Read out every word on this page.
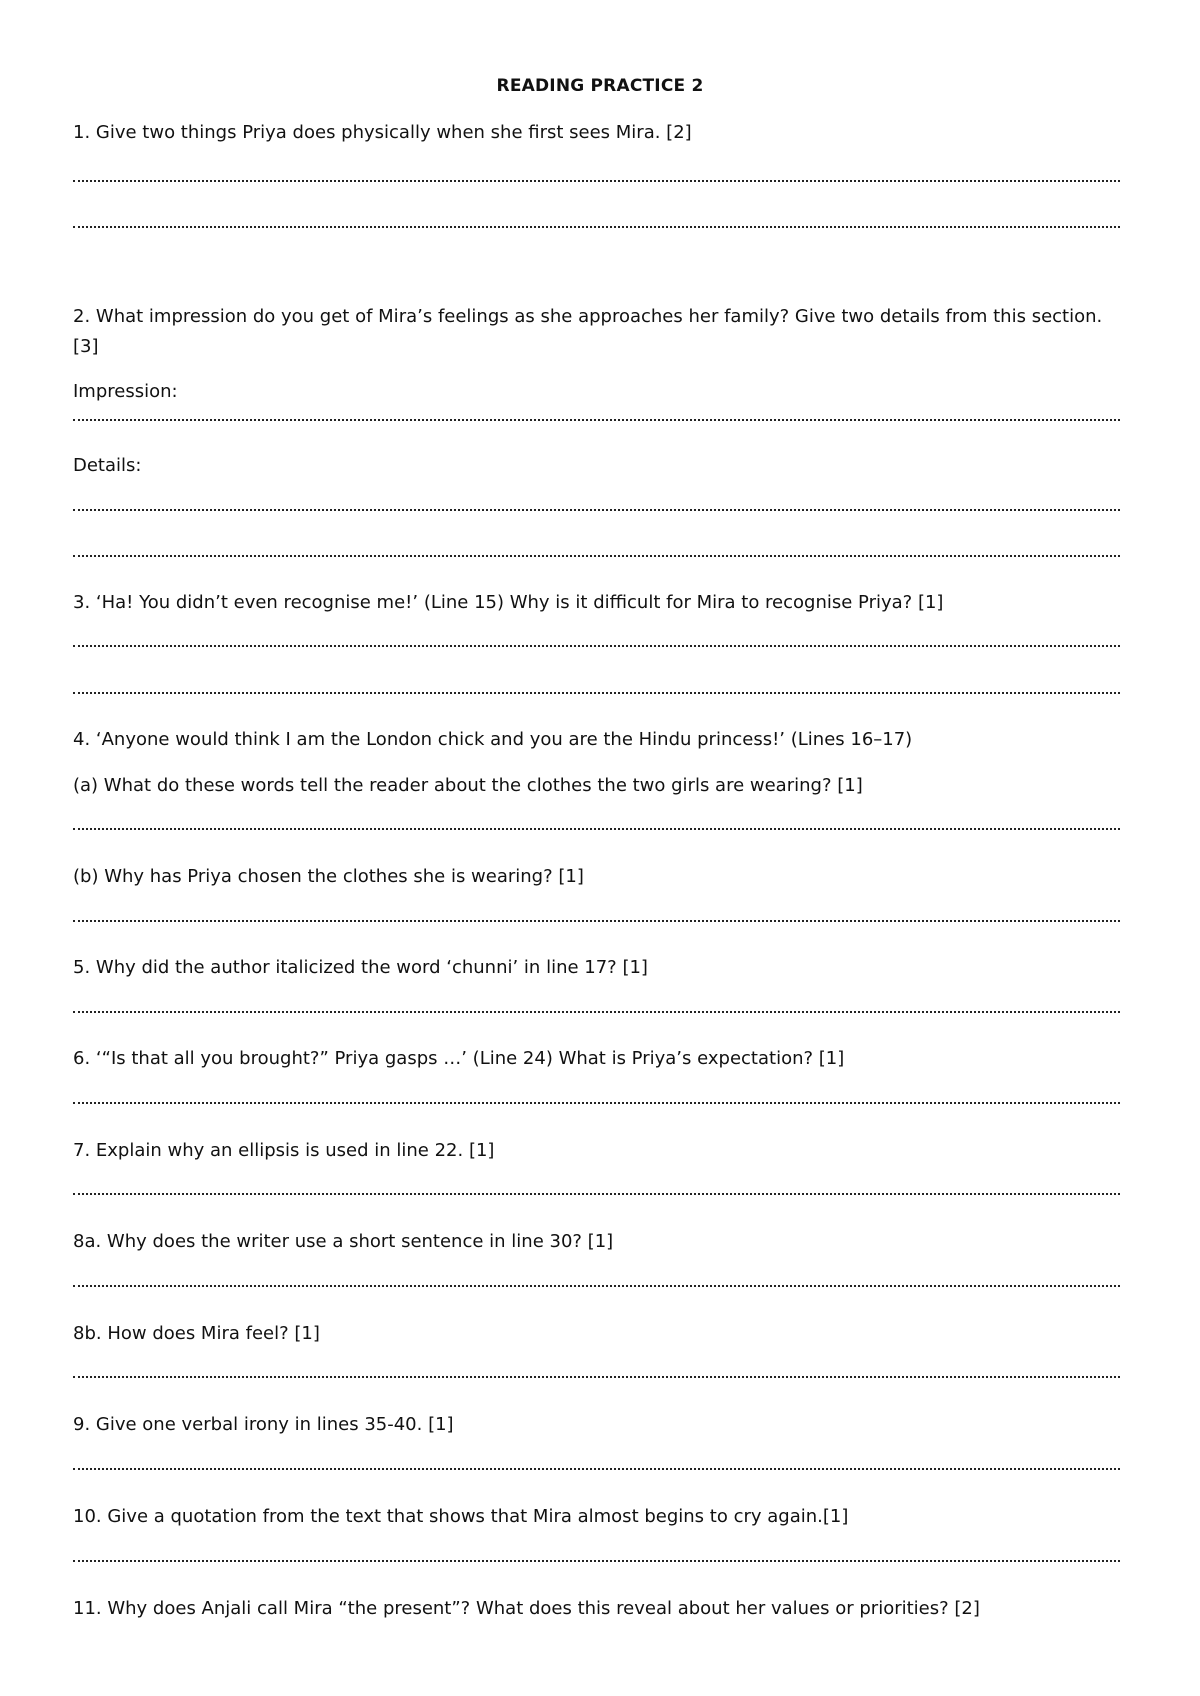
READING PRACTICE 2
1. Give two things Priya does physically when she first sees Mira. [2]
2. What impression do you get of Mira’s feelings as she approaches her family? Give two details from this section. [3]
Impression:
Details:
3. ‘Ha! You didn’t even recognise me!’ (Line 15) Why is it difficult for Mira to recognise Priya? [1]
4. ‘Anyone would think I am the London chick and you are the Hindu princess!’ (Lines 16–17)
(a) What do these words tell the reader about the clothes the two girls are wearing? [1]
(b) Why has Priya chosen the clothes she is wearing? [1]
5. Why did the author italicized the word ‘chunni’ in line 17? [1]
6. ‘“Is that all you brought?” Priya gasps …’ (Line 24) What is Priya’s expectation? [1]
7. Explain why an ellipsis is used in line 22. [1]
8a. Why does the writer use a short sentence in line 30? [1]
8b. How does Mira feel? [1]
9. Give one verbal irony in lines 35-40. [1]
10. Give a quotation from the text that shows that Mira almost begins to cry again.[1]
11. Why does Anjali call Mira “the present”? What does this reveal about her values or priorities? [2]
